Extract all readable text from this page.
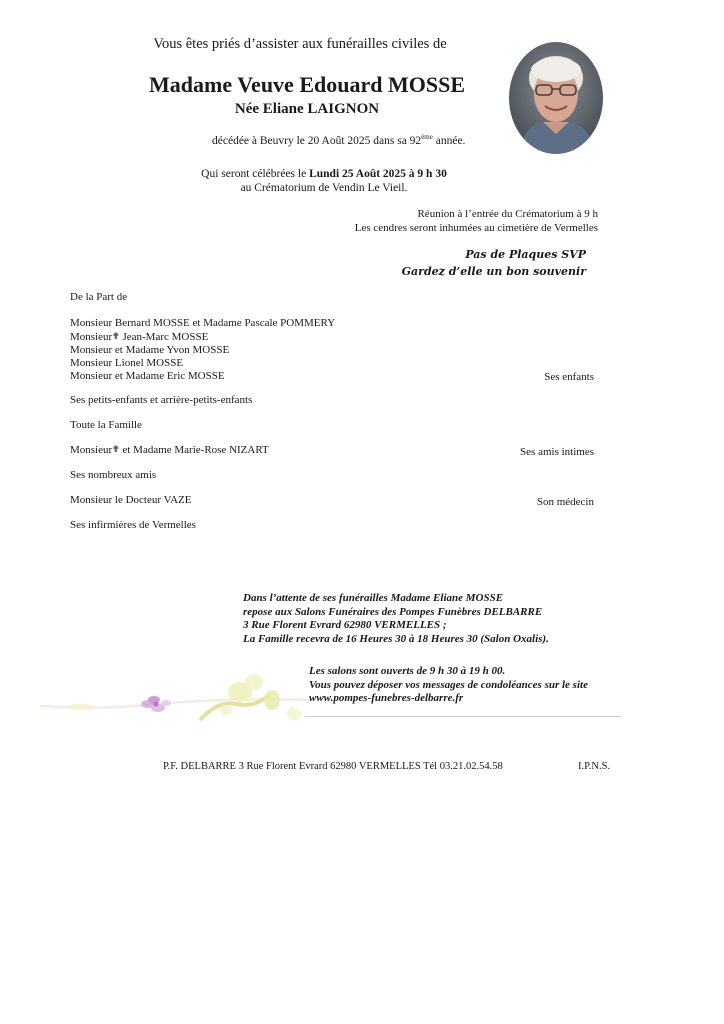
Vous êtes priés d’assister aux funérailles civiles de
Madame Veuve Edouard MOSSE
Née Eliane LAIGNON
décédée à Beuvry le 20 Août 2025 dans sa 92ème année.
Qui seront célébrées le Lundi 25 Août 2025 à 9 h 30
au Crématorium de Vendin Le Vieil.
Réunion à l’entrée du Crématorium à 9 h
Les cendres seront inhumées au cimetière de Vermelles
Pas de Plaques SVP
Gardez d’elle un bon souvenir
De la Part de
Monsieur Bernard MOSSE et Madame Pascale POMMERY
Monsieur✟ Jean-Marc MOSSE
Monsieur et Madame Yvon MOSSE
Monsieur Lionel MOSSE
Monsieur et Madame Eric MOSSE	Ses enfants
Ses petits-enfants et arrière-petits-enfants
Toute la Famille
Monsieur✟ et Madame Marie-Rose NIZART	Ses amis intimes
Ses nombreux amis
Monsieur le Docteur VAZE	Son médecin
Ses infirmières de Vermelles
Dans l’attente de ses funérailles Madame Eliane MOSSE
repose aux Salons Funéraires des Pompes Funèbres DELBARRE
3 Rue Florent Evrard 62980 VERMELLES ;
La Famille recevra de 16 Heures 30 à 18 Heures 30 (Salon Oxalis).
Les salons sont ouverts de 9 h 30 à 19 h 00.
Vous pouvez déposer vos messages de condoléances sur le site
www.pompes-funebres-delbarre.fr
P.F. DELBARRE 3 Rue Florent Evrard 62980 VERMELLES Tél 03.21.02.54.58	I.P.N.S.
